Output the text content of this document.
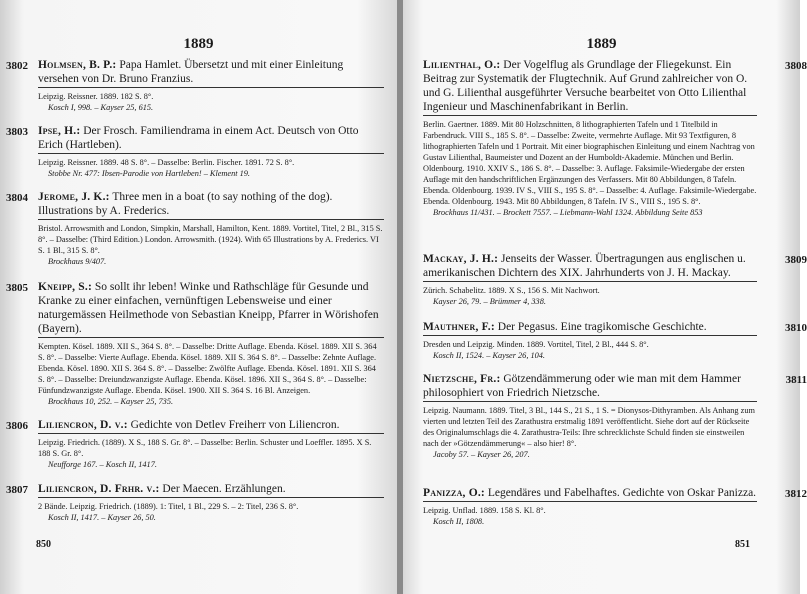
1889
3802 Holmsen, B. P.: Papa Hamlet. Übersetzt und mit einer Einleitung versehen von Dr. Bruno Franzius.
Leipzig. Reissner. 1889. 182 S. 8°.
Kosch I, 998. – Kayser 25, 615.
3803 Ipse, H.: Der Frosch. Familiendrama in einem Act. Deutsch von Otto Erich (Hartleben).
Leipzig. Reissner. 1889. 48 S. 8°. – Dasselbe: Berlin. Fischer. 1891. 72 S. 8°.
Stobbe Nr. 477: Ibsen-Parodie von Hartleben! – Klement 19.
3804 Jerome, J. K.: Three men in a boat (to say nothing of the dog). Illustrations by A. Frederics.
Bristol. Arrowsmith and London, Simpkin, Marshall, Hamilton, Kent. 1889. Vortitel, Titel, 2 Bl., 315 S. 8°. – Dasselbe: (Third Edition.) London. Arrowsmith. (1924). With 65 Illustrations by A. Frederics. VI S. 1 Bl., 315 S. 8°.
Brockhaus 9/407.
3805 Kneipp, S.: So sollt ihr leben! Winke und Rathschläge für Gesunde und Kranke zu einer einfachen, vernünftigen Lebensweise und einer naturgemässen Heilmethode von Sebastian Kneipp, Pfarrer in Wörishofen (Bayern).
Kempten. Kösel. 1889. XII S., 364 S. 8°. – Dasselbe: Dritte Auflage. Ebenda. Kösel. 1889. XII S. 364 S. 8°. – Dasselbe: Vierte Auflage. Ebenda. Kösel. 1889. XII S. 364 S. 8°. – Dasselbe: Zehnte Auflage. Ebenda. Kösel. 1890. XII S. 364 S. 8°. – Dasselbe: Zwölfte Auflage. Ebenda. Kösel. 1891. XII S. 364 S. 8°. – Dasselbe: Dreiundzwanzigste Auflage. Ebenda. Kösel. 1896. XII S., 364 S. 8°. – Dasselbe: Fünfundzwanzigste Auflage. Ebenda. Kösel. 1900. XII S. 364 S. 16 Bl. Anzeigen.
Brockhaus 10, 252. – Kayser 25, 735.
3806 Liliencron, D. v.: Gedichte von Detlev Freiherr von Liliencron.
Leipzig. Friedrich. (1889). X S., 188 S. Gr. 8°. – Dasselbe: Berlin. Schuster und Loeffler. 1895. X S. 188 S. Gr. 8°.
Neufforge 167. – Kosch II, 1417.
3807 Liliencron, D. Frhr. v.: Der Maecen. Erzählungen.
2 Bände. Leipzig. Friedrich. (1889). 1: Titel, 1 Bl., 229 S. – 2: Titel, 236 S. 8°.
Kosch II, 1417. – Kayser 26, 50.
850
1889
3808
Lilienthal, O.: Der Vogelflug als Grundlage der Fliegekunst. Ein Beitrag zur Systematik der Flugtechnik. Auf Grund zahlreicher von O. und G. Lilienthal ausgeführter Versuche bearbeitet von Otto Lilienthal Ingenieur und Maschinenfabrikant in Berlin.
Berlin. Gaertner. 1889. Mit 80 Holzschnitten, 8 lithographierten Tafeln und 1 Titelbild in Farbendruck. VIII S., 185 S. 8°. – Dasselbe: Zweite, vermehrte Auflage. Mit 93 Textfiguren, 8 lithographierten Tafeln und 1 Portrait. Mit einer biographischen Einleitung und einem Nachtrag von Gustav Lilienthal, Baumeister und Dozent an der Humboldt-Akademie. München und Berlin. Oldenbourg. 1910. XXIV S., 186 S. 8°. – Dasselbe: 3. Auflage. Faksimile-Wiedergabe der ersten Auflage mit den handschriftlichen Ergänzungen des Verfassers. Mit 80 Abbildungen, 8 Tafeln. Ebenda. Oldenbourg. 1939. IV S., VIII S., 195 S. 8°. – Dasselbe: 4. Auflage. Faksimile-Wiedergabe. Ebenda. Oldenbourg. 1943. Mit 80 Abbildungen, 8 Tafeln. IV S., VIII S., 195 S. 8°.
Brockhaus 11/431. – Brockett 7557. – Liebmann-Wahl 1324. Abbildung Seite 853
3809
Mackay, J. H.: Jenseits der Wasser. Übertragungen aus englischen u. amerikanischen Dichtern des XIX. Jahrhunderts von J. H. Mackay.
Zürich. Schabelitz. 1889. X S., 156 S. Mit Nachwort.
Kayser 26, 79. – Brümmer 4, 338.
3810
Mauthner, F.: Der Pegasus. Eine tragikomische Geschichte.
Dresden und Leipzig. Minden. 1889. Vortitel, Titel, 2 Bl., 444 S. 8°.
Kosch II, 1524. – Kayser 26, 104.
3811
Nietzsche, Fr.: Götzendämmerung oder wie man mit dem Hammer philosophiert von Friedrich Nietzsche.
Leipzig. Naumann. 1889. Titel, 3 Bl., 144 S., 21 S., 1 S. = Dionysos-Dithyramben. Als Anhang zum vierten und letzten Teil des Zarathustra erstmalig 1891 veröffentlicht. Siehe dort auf der Rückseite des Originalumschlags die 4. Zarathustra-Teils: Ihre schrecklichste Schuld finden sie einstweilen nach der »Götzendämmerung« – also hier! 8°.
Jacoby 57. – Kayser 26, 207.
3812
Panizza, O.: Legendäres und Fabelhaftes. Gedichte von Oskar Panizza.
Leipzig. Unflad. 1889. 158 S. Kl. 8°.
Kosch II, 1808.
851
